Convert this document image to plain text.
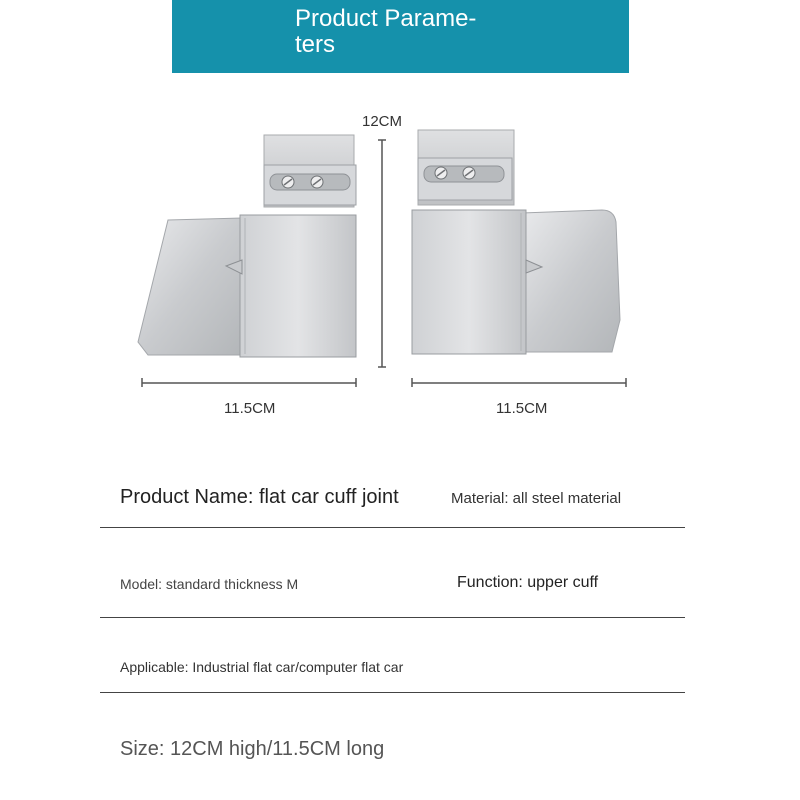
Product Parame-
ters
12CM
11.5CM	11.5CM
Product Name: flat car cuff joint	Material: all steel material
Model: standard thickness M	Function: upper cuff
Applicable: Industrial flat car/computer flat car
Size: 12CM high/11.5CM long
